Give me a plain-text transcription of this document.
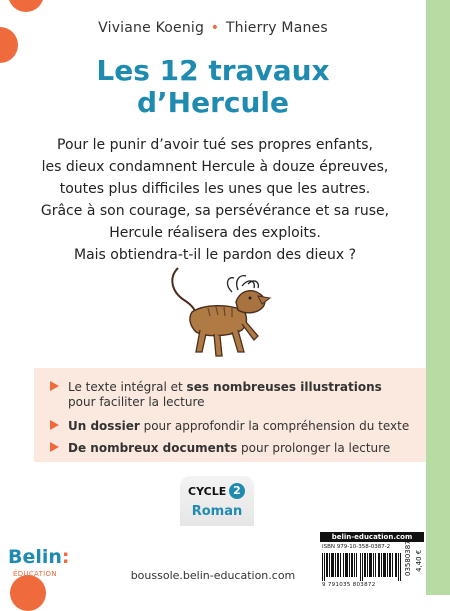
Viviane Koenig • Thierry Manes
Les 12 travaux
d’Hercule
Pour le punir d’avoir tué ses propres enfants,
les dieux condamnent Hercule à douze épreuves,
toutes plus difficiles les unes que les autres.
Grâce à son courage, sa persévérance et sa ruse,
Hercule réalisera des exploits.
Mais obtiendra-t-il le pardon des dieux ?
Le texte intégral et ses nombreuses illustrations
pour faciliter la lecture
Un dossier pour approfondir la compréhension du texte
De nombreux documents pour prolonger la lecture
CYCLE 2
Roman
Belin:
ÉDUCATION	boussole.belin-education.com
belin-education.com
ISBN 979-10-358-0387-2
9 791035 803872
03580387 4,40 €
